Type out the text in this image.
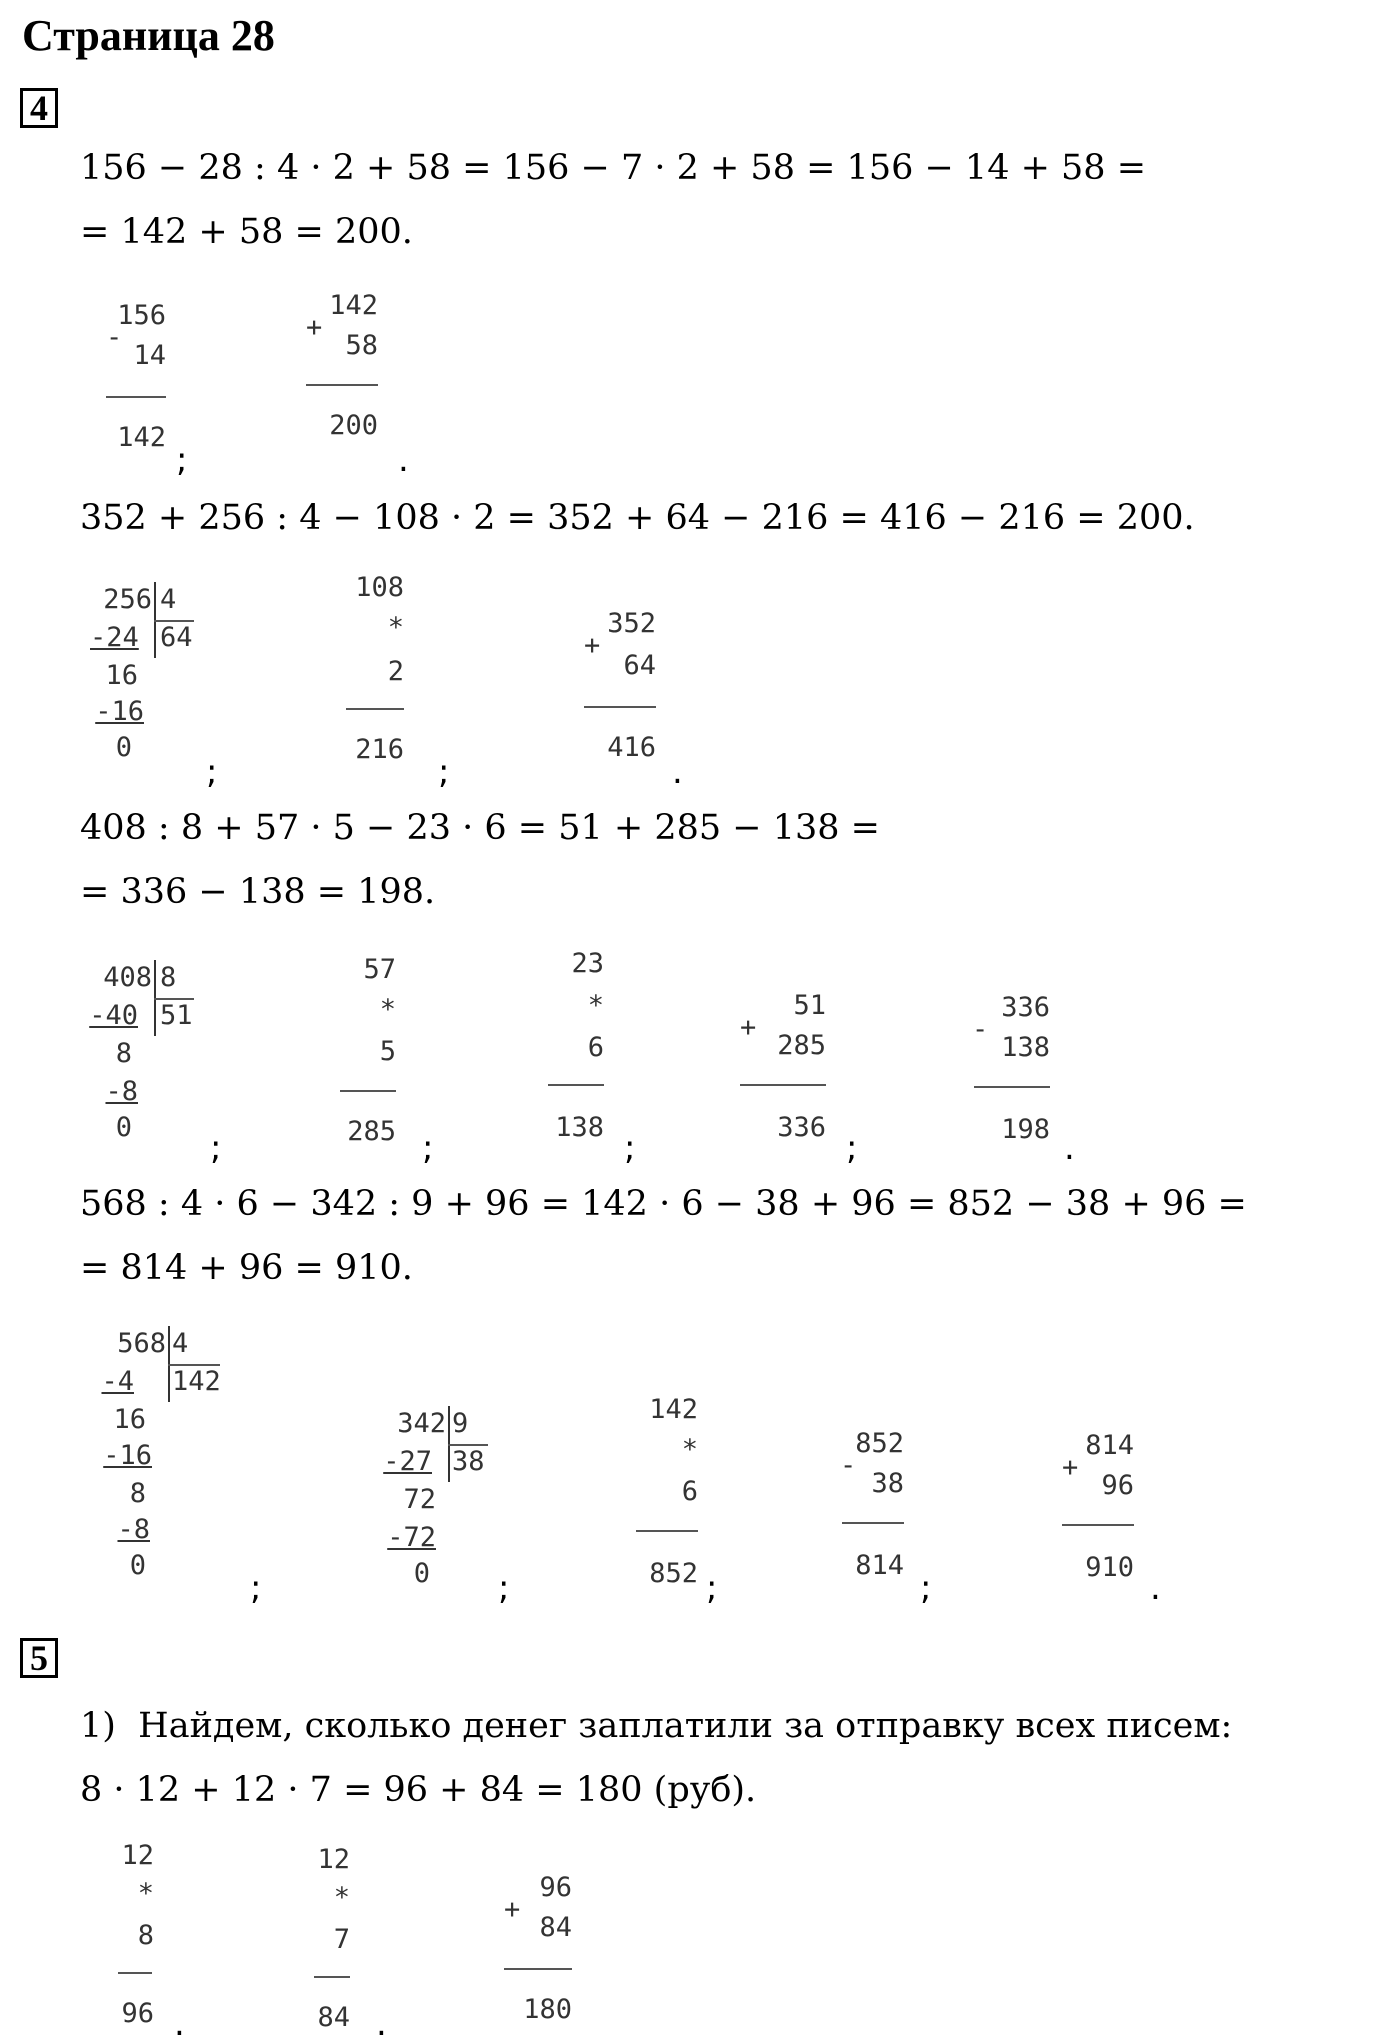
Страница 28
4
156 − 28 : 4 · 2 + 58 = 156 − 7 · 2 + 58 = 156 − 14 + 58 =
= 142 + 58 = 200.
156
-
14
142
;
142
+
58
200
.
352 + 256 : 4 − 108 · 2 = 352 + 64 − 216 = 416 − 216 = 200.
256 4
64
-24
16
-16
0
;
108
*
2
216
;
352
+
64
416
.
408 : 8 + 57 · 5 − 23 · 6 = 51 + 285 − 138 =
= 336 − 138 = 198.
408 8
51
-40
8
-8
0
;
57
*
5
285 ;
23
*
6
138
;
51
+
285
336
;
336
-
138
198 .
568 : 4 · 6 − 342 : 9 + 96 = 142 · 6 − 38 + 96 = 852 − 38 + 96 =
= 814 + 96 = 910.
568 4
142
-4
16
-16
8
-8
0
;
342 9
38
-27
72
-72
0 ;
142
*
6
852 ;
852
-
38
814
;
814
+
96
910
.
5
1)  Найдем, сколько денег заплатили за отправку всех писем:
8 · 12 + 12 · 7 = 96 + 84 = 180 (руб).
12
*
8
96 .
12
*
7
84 .
96
+
84
180
